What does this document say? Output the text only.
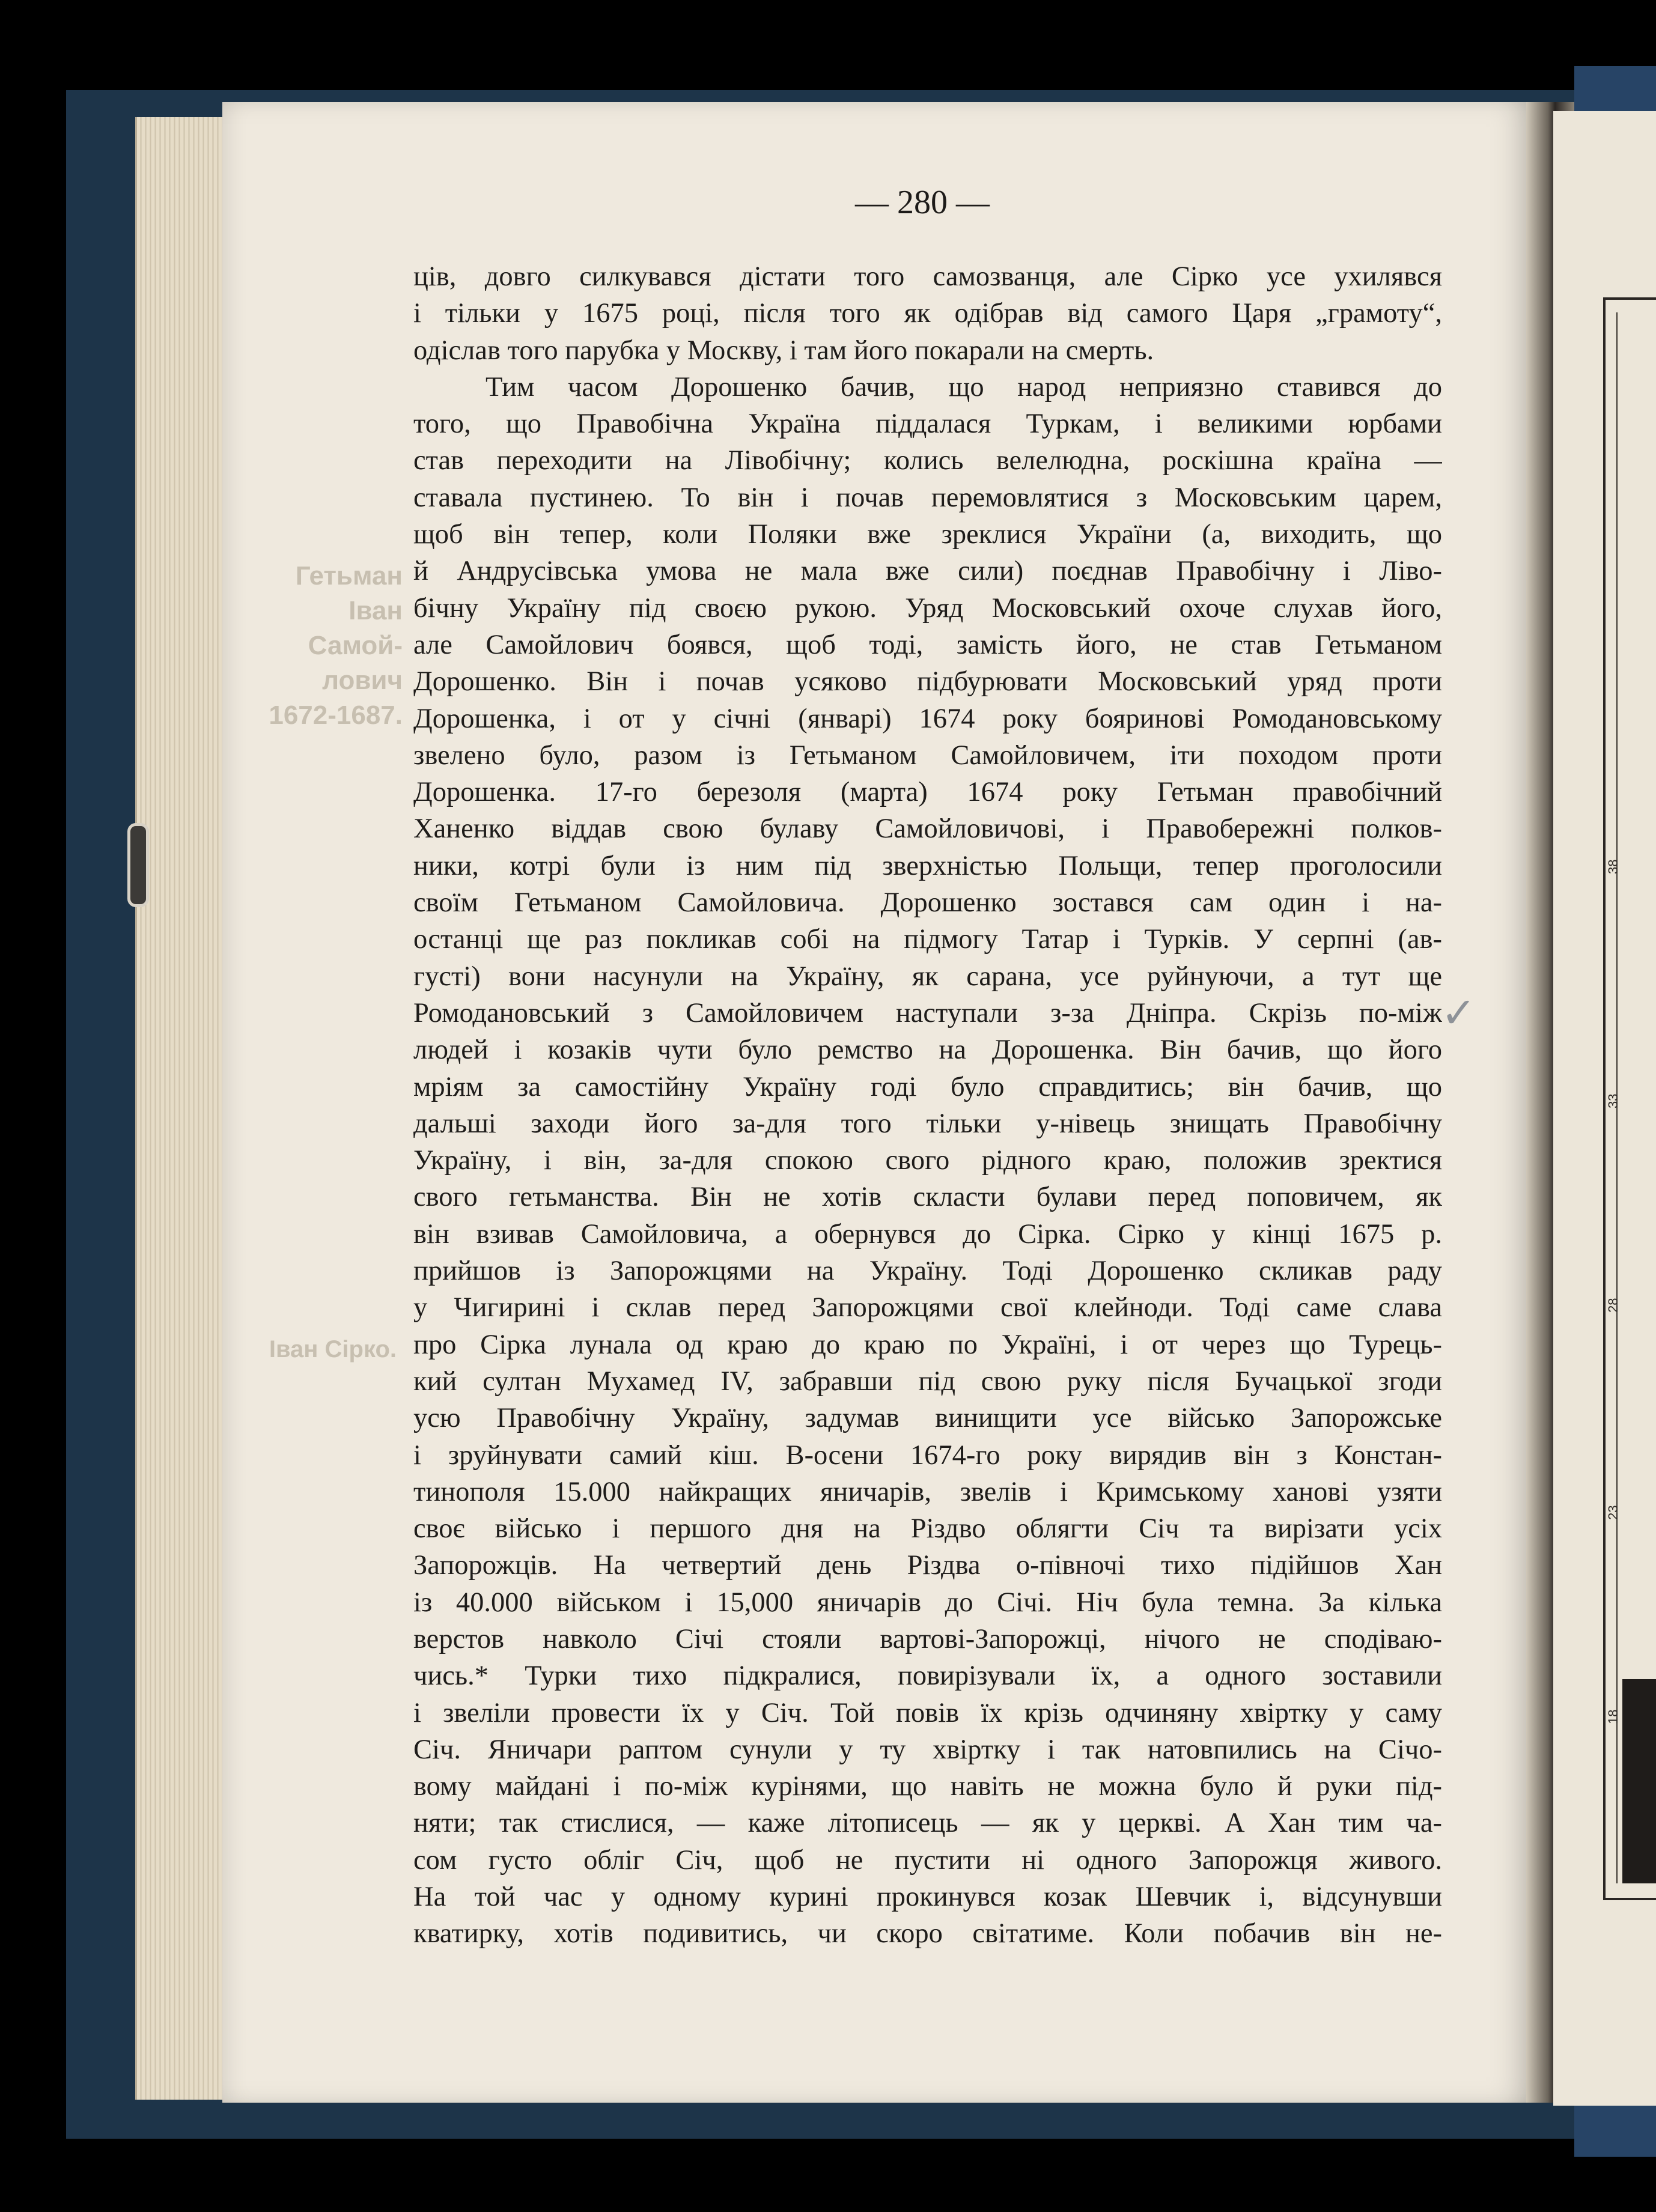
38
33
28
23
18
— 280 —
Гетьман
Іван Самой-
лович
1672-1687.
Іван Сірко.
ців, довго силкувався дістати того самозванця, але Сірко усе ухилявся
і тільки у 1675 році, після того як одібрав від самого Царя „грамоту“,
одіслав того парубка у Москву, і там його покарали на смерть.
Тим часом Дорошенко бачив, що народ неприязно ставився до
того, що Правобічна Україна піддалася Туркам, і великими юрбами
став переходити на Лівобічну; колись велелюдна, роскішна країна —
ставала пустинею. То він і почав перемовлятися з Московським царем,
щоб він тепер, коли Поляки вже зреклися України (а, виходить, що
й Андрусівська умова не мала вже сили) поєднав Правобічну і Ліво-
бічну Україну під своєю рукою. Уряд Московський охоче слухав його,
але Самойлович боявся, щоб тоді, замість його, не став Гетьманом
Дорошенко. Він і почав усяково підбурювати Московський уряд проти
Дорошенка, і от у січні (январі) 1674 року бояринові Ромодановському
звелено було, разом із Гетьманом Самойловичем, іти походом проти
Дорошенка. 17-го березоля (марта) 1674 року Гетьман правобічний
Ханенко віддав свою булаву Самойловичові, і Правобережні полков-
ники, котрі були із ним під зверхністью Польщи, тепер проголосили
своїм Гетьманом Самойловича. Дорошенко зостався сам один і на-
останці ще раз покликав собі на підмогу Татар і Турків. У серпні (ав-
густі) вони насунули на Україну, як сарана, усе руйнуючи, а тут ще
Ромодановський з Самойловичем наступали з-за Дніпра. Скрізь по-між
людей і козаків чути було ремство на Дорошенка. Він бачив, що його
мріям за самостійну Україну годі було справдитись; він бачив, що
дальші заходи його за-для того тільки у-нівець знищать Правобічну
Україну, і він, за-для спокою свого рідного краю, положив зректися
свого гетьманства. Він не хотів скласти булави перед поповичем, як
він взивав Самойловича, а обернувся до Сірка. Сірко у кінці 1675 р.
прийшов із Запорожцями на Україну. Тоді Дорошенко скликав раду
у Чигирині і склав перед Запорожцями свої клейноди. Тоді саме слава
про Сірка лунала од краю до краю по Україні, і от через що Турець-
кий султан Мухамед IV, забравши під свою руку після Бучацької згоди
усю Правобічну Україну, задумав винищити усе військо Запорожське
і зруйнувати самий кіш. В-осени 1674-го року вирядив він з Констан-
тинополя 15.000 найкращих яничарів, звелів і Кримському ханові узяти
своє військо і першого дня на Різдво облягти Січ та вирізати усіх
Запорожців. На четвертий день Різдва о-півночі тихо підійшов Хан
із 40.000 військом і 15,000 яничарів до Січі. Ніч була темна. За кілька
верстов навколо Січі стояли вартові-Запорожці, нічого не сподіваю-
чись.* Турки тихо підкралися, повирізували їх, а одного зоставили
і звеліли провести їх у Січ. Той повів їх крізь одчиняну хвіртку у саму
Січ. Яничари раптом сунули у ту хвіртку і так натовпились на Січо-
вому майдані і по-між курінями, що навіть не можна було й руки під-
няти; так стислися, — каже літописець — як у церкві. А Хан тим ча-
сом густо обліг Січ, щоб не пустити ні одного Запорожця живого.
На той час у одному курині прокинувся козак Шевчик і, відсунувши
кватирку, хотів подивитись, чи скоро світатиме. Коли побачив він не-
✓
